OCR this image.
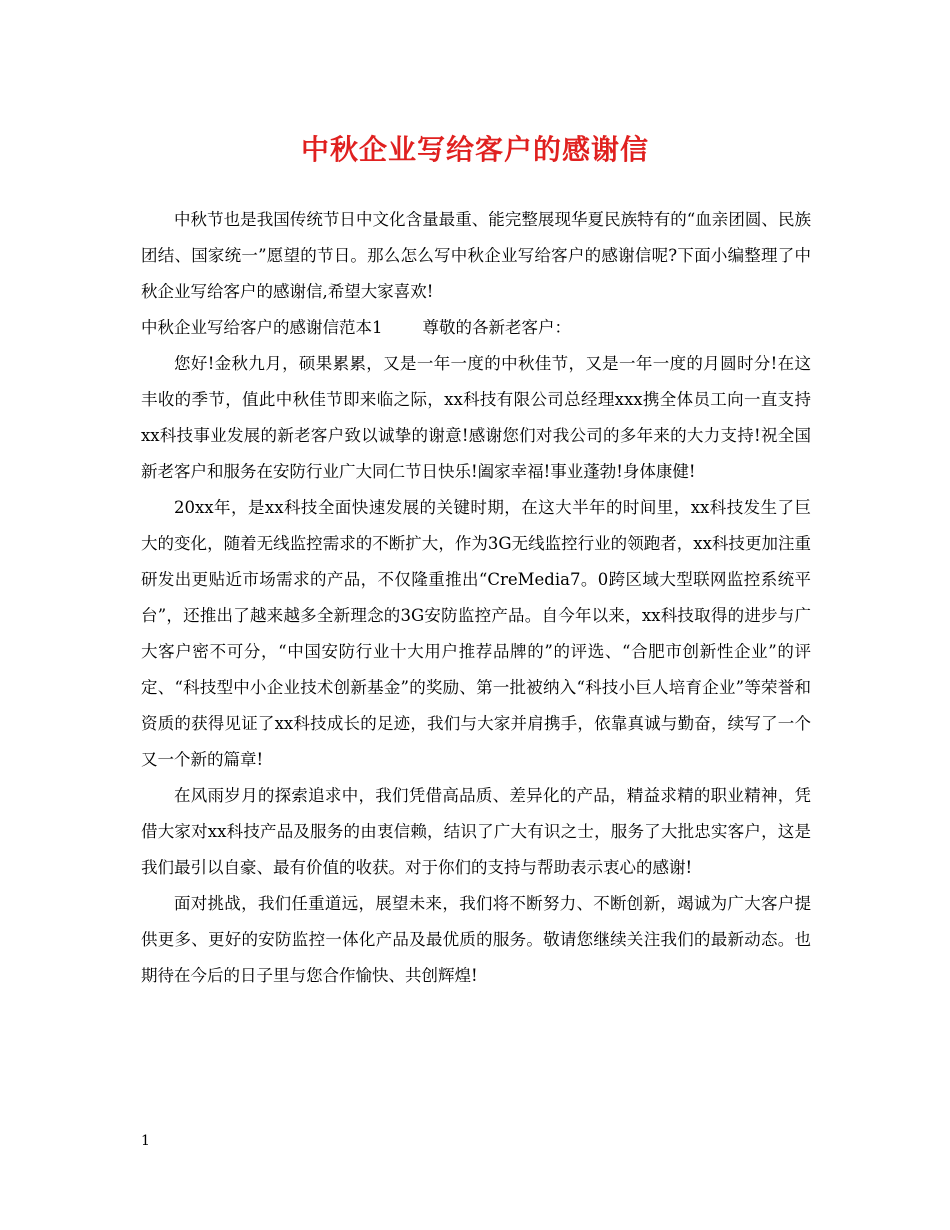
中秋企业写给客户的感谢信

中秋节也是我国传统节日中文化含量最重、能完整展现华夏民族特有的“血亲团圆、民族团结、国家统一”愿望的节日。那么怎么写中秋企业写给客户的感谢信呢?下面小编整理了中秋企业写给客户的感谢信,希望大家喜欢!

中秋企业写给客户的感谢信范本1 尊敬的各新老客户：

您好!金秋九月，硕果累累，又是一年一度的中秋佳节，又是一年一度的月圆时分!在这丰收的季节，值此中秋佳节即来临之际，xx科技有限公司总经理xxx携全体员工向一直支持xx科技事业发展的新老客户致以诚挚的谢意!感谢您们对我公司的多年来的大力支持!祝全国新老客户和服务在安防行业广大同仁节日快乐!阖家幸福!事业蓬勃!身体康健!

20xx年，是xx科技全面快速发展的关键时期，在这大半年的时间里，xx科技发生了巨大的变化，随着无线监控需求的不断扩大，作为3G无线监控行业的领跑者，xx科技更加注重研发出更贴近市场需求的产品，不仅隆重推出“CreMedia7。0跨区域大型联网监控系统平台”，还推出了越来越多全新理念的3G安防监控产品。自今年以来，xx科技取得的进步与广大客户密不可分，“中国安防行业十大用户推荐品牌的”的评选、“合肥市创新性企业”的评定、“科技型中小企业技术创新基金”的奖励、第一批被纳入“科技小巨人培育企业”等荣誉和资质的获得见证了xx科技成长的足迹，我们与大家并肩携手，依靠真诚与勤奋，续写了一个又一个新的篇章!

在风雨岁月的探索追求中，我们凭借高品质、差异化的产品，精益求精的职业精神，凭借大家对xx科技产品及服务的由衷信赖，结识了广大有识之士，服务了大批忠实客户，这是我们最引以自豪、最有价值的收获。对于你们的支持与帮助表示衷心的感谢!

面对挑战，我们任重道远，展望未来，我们将不断努力、不断创新，竭诚为广大客户提供更多、更好的安防监控一体化产品及最优质的服务。敬请您继续关注我们的最新动态。也期待在今后的日子里与您合作愉快、共创辉煌!

1
